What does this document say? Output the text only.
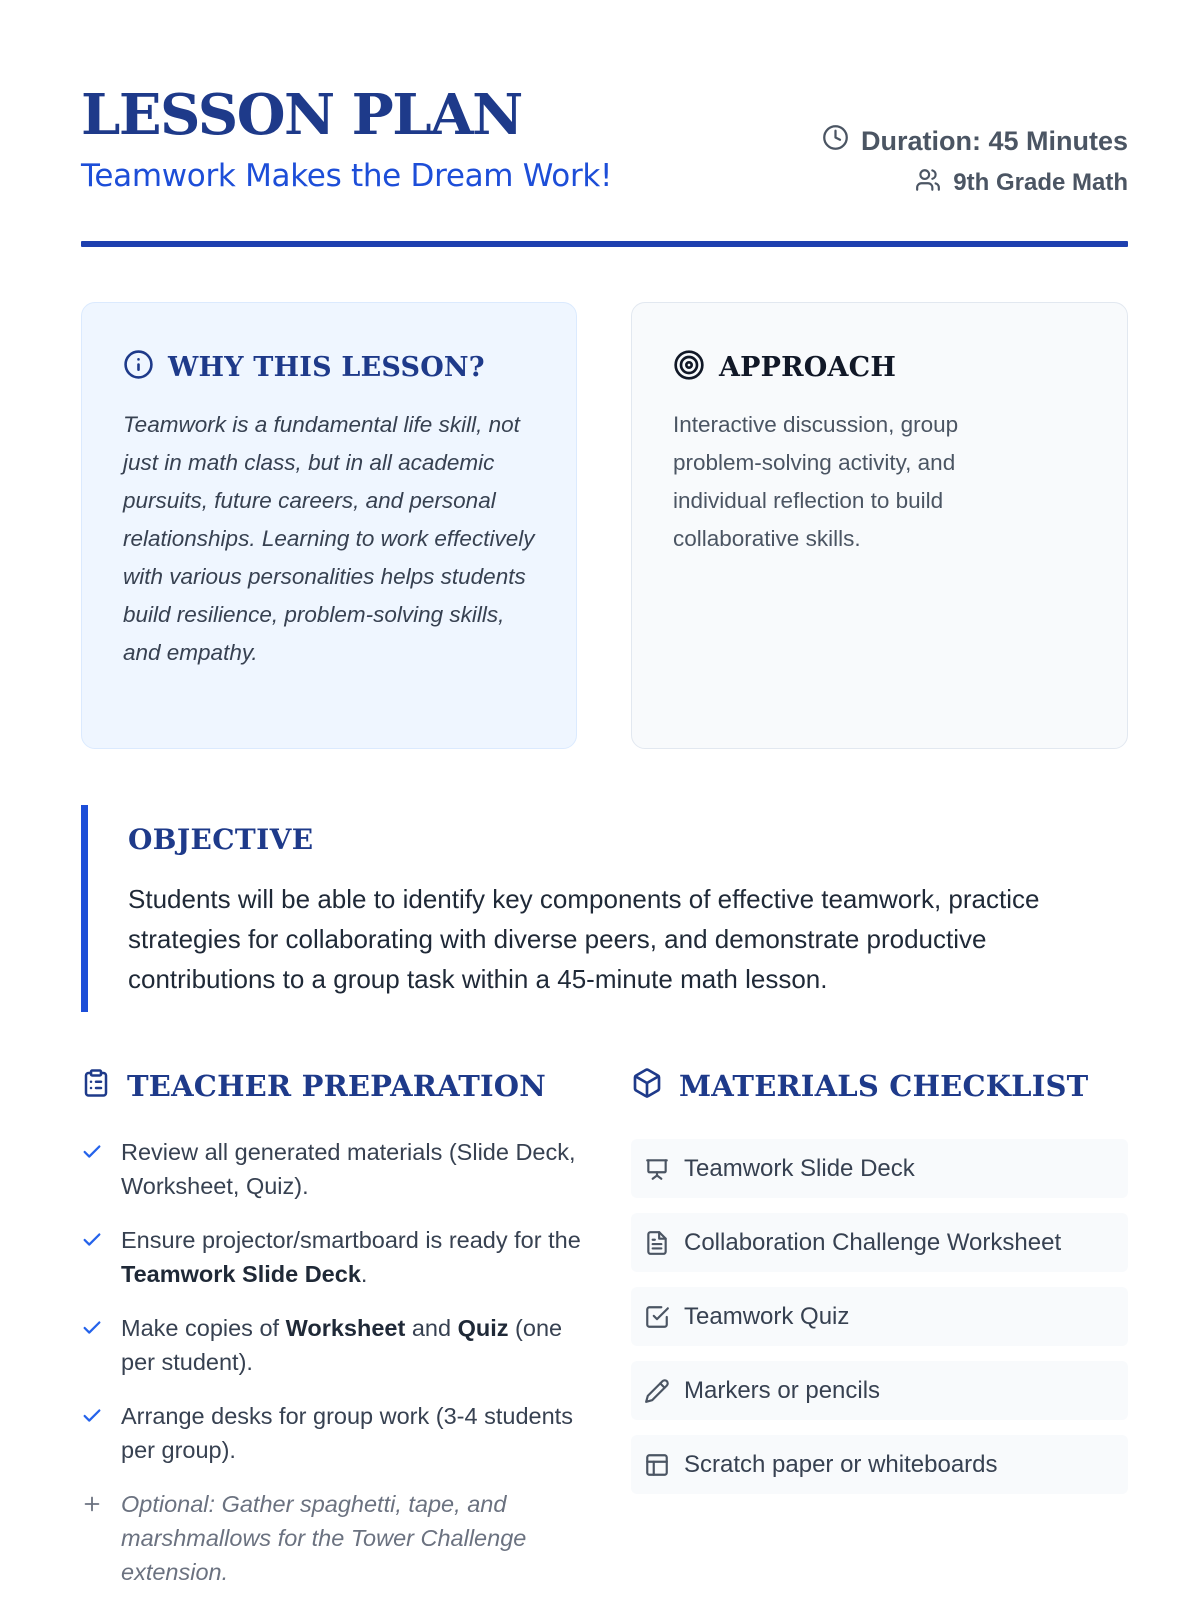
LESSON PLAN
Teamwork Makes the Dream Work!
Duration: 45 Minutes
9th Grade Math
WHY THIS LESSON?

Teamwork is a fundamental life skill, not just in math class, but in all academic pursuits, future careers, and personal relationships. Learning to work effectively with various personalities helps students build resilience, problem-solving skills, and empathy.

APPROACH

Interactive discussion, group problem-solving activity, and individual reflection to build collaborative skills.

OBJECTIVE

Students will be able to identify key components of effective teamwork, practice strategies for collaborating with diverse peers, and demonstrate productive contributions to a group task within a 45-minute math lesson.

TEACHER PREPARATION
Review all generated materials (Slide Deck, Worksheet, Quiz).
Ensure projector/smartboard is ready for the Teamwork Slide Deck.
Make copies of Worksheet and Quiz (one per student).
Arrange desks for group work (3-4 students per group).
Optional: Gather spaghetti, tape, and marshmallows for the Tower Challenge extension.
MATERIALS CHECKLIST
Teamwork Slide Deck
Collaboration Challenge Worksheet
Teamwork Quiz
Markers or pencils
Scratch paper or whiteboards
